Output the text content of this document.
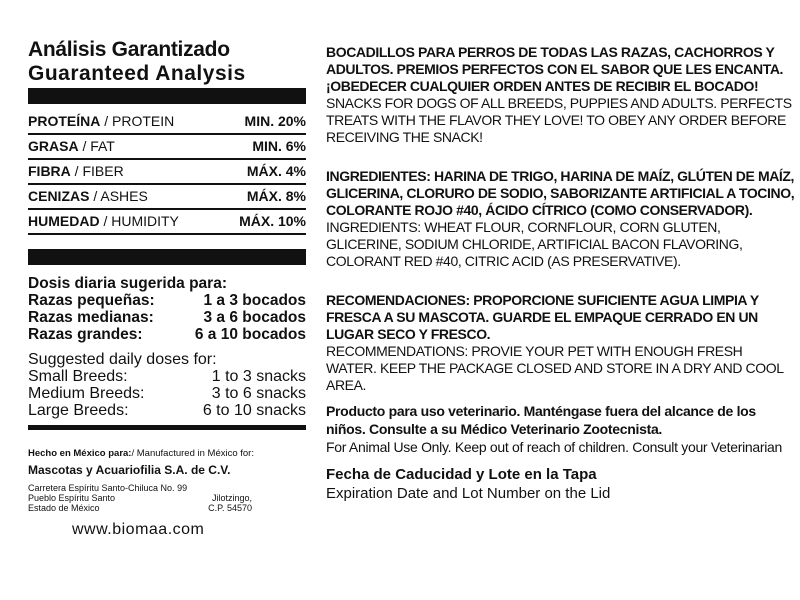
Análisis Garantizado
Guaranteed Analysis
PROTEÍNA / PROTEIN	MIN. 20%
GRASA / FAT	MIN. 6%
FIBRA / FIBER	MÁX. 4%
CENIZAS / ASHES	MÁX. 8%
HUMEDAD / HUMIDITY	MÁX. 10%
Dosis diaria sugerida para:
Razas pequeñas:	1 a 3 bocados
Razas medianas:	3 a 6 bocados
Razas grandes:	6 a 10 bocados
Suggested daily doses for:
Small Breeds:	1 to 3 snacks
Medium Breeds:	3 to 6 snacks
Large Breeds:	6 to 10 snacks
Hecho en México para:/ Manufactured in México for:
Mascotas y Acuariofilia S.A. de C.V.
Carretera Espíritu Santo-Chiluca No. 99
Pueblo Espíritu Santo	Jilotzingo,
Estado de México	C.P. 54570
www.biomaa.com
BOCADILLOS PARA PERROS DE TODAS LAS RAZAS, CACHORROS Y ADULTOS. PREMIOS PERFECTOS CON EL SABOR QUE LES ENCANTA. ¡OBEDECER CUALQUIER ORDEN ANTES DE RECIBIR EL BOCADO!
SNACKS FOR DOGS OF ALL BREEDS, PUPPIES AND ADULTS. PERFECTS TREATS WITH THE FLAVOR THEY LOVE! TO OBEY ANY ORDER BEFORE RECEIVING THE SNACK!
INGREDIENTES: HARINA DE TRIGO, HARINA DE MAÍZ, GLÚTEN DE MAÍZ, GLICERINA, CLORURO DE SODIO, SABORIZANTE ARTIFICIAL A TOCINO, COLORANTE ROJO #40, ÁCIDO CÍTRICO (COMO CONSERVADOR). INGREDIENTS: WHEAT FLOUR, CORNFLOUR, CORN GLUTEN, GLICERINE, SODIUM CHLORIDE, ARTIFICIAL BACON FLAVORING, COLORANT RED #40, CITRIC ACID (AS PRESERVATIVE).
RECOMENDACIONES: PROPORCIONE SUFICIENTE AGUA LIMPIA Y FRESCA A SU MASCOTA. GUARDE EL EMPAQUE CERRADO EN UN LUGAR SECO Y FRESCO.
RECOMMENDATIONS: PROVIE YOUR PET WITH ENOUGH FRESH WATER. KEEP THE PACKAGE CLOSED AND STORE IN A DRY AND COOL AREA.
Producto para uso veterinario. Manténgase fuera del alcance de los niños. Consulte a su Médico Veterinario Zootecnista.
For Animal Use Only. Keep out of reach of children. Consult your Veterinarian
Fecha de Caducidad y Lote en la Tapa
Expiration Date and Lot Number on the Lid
